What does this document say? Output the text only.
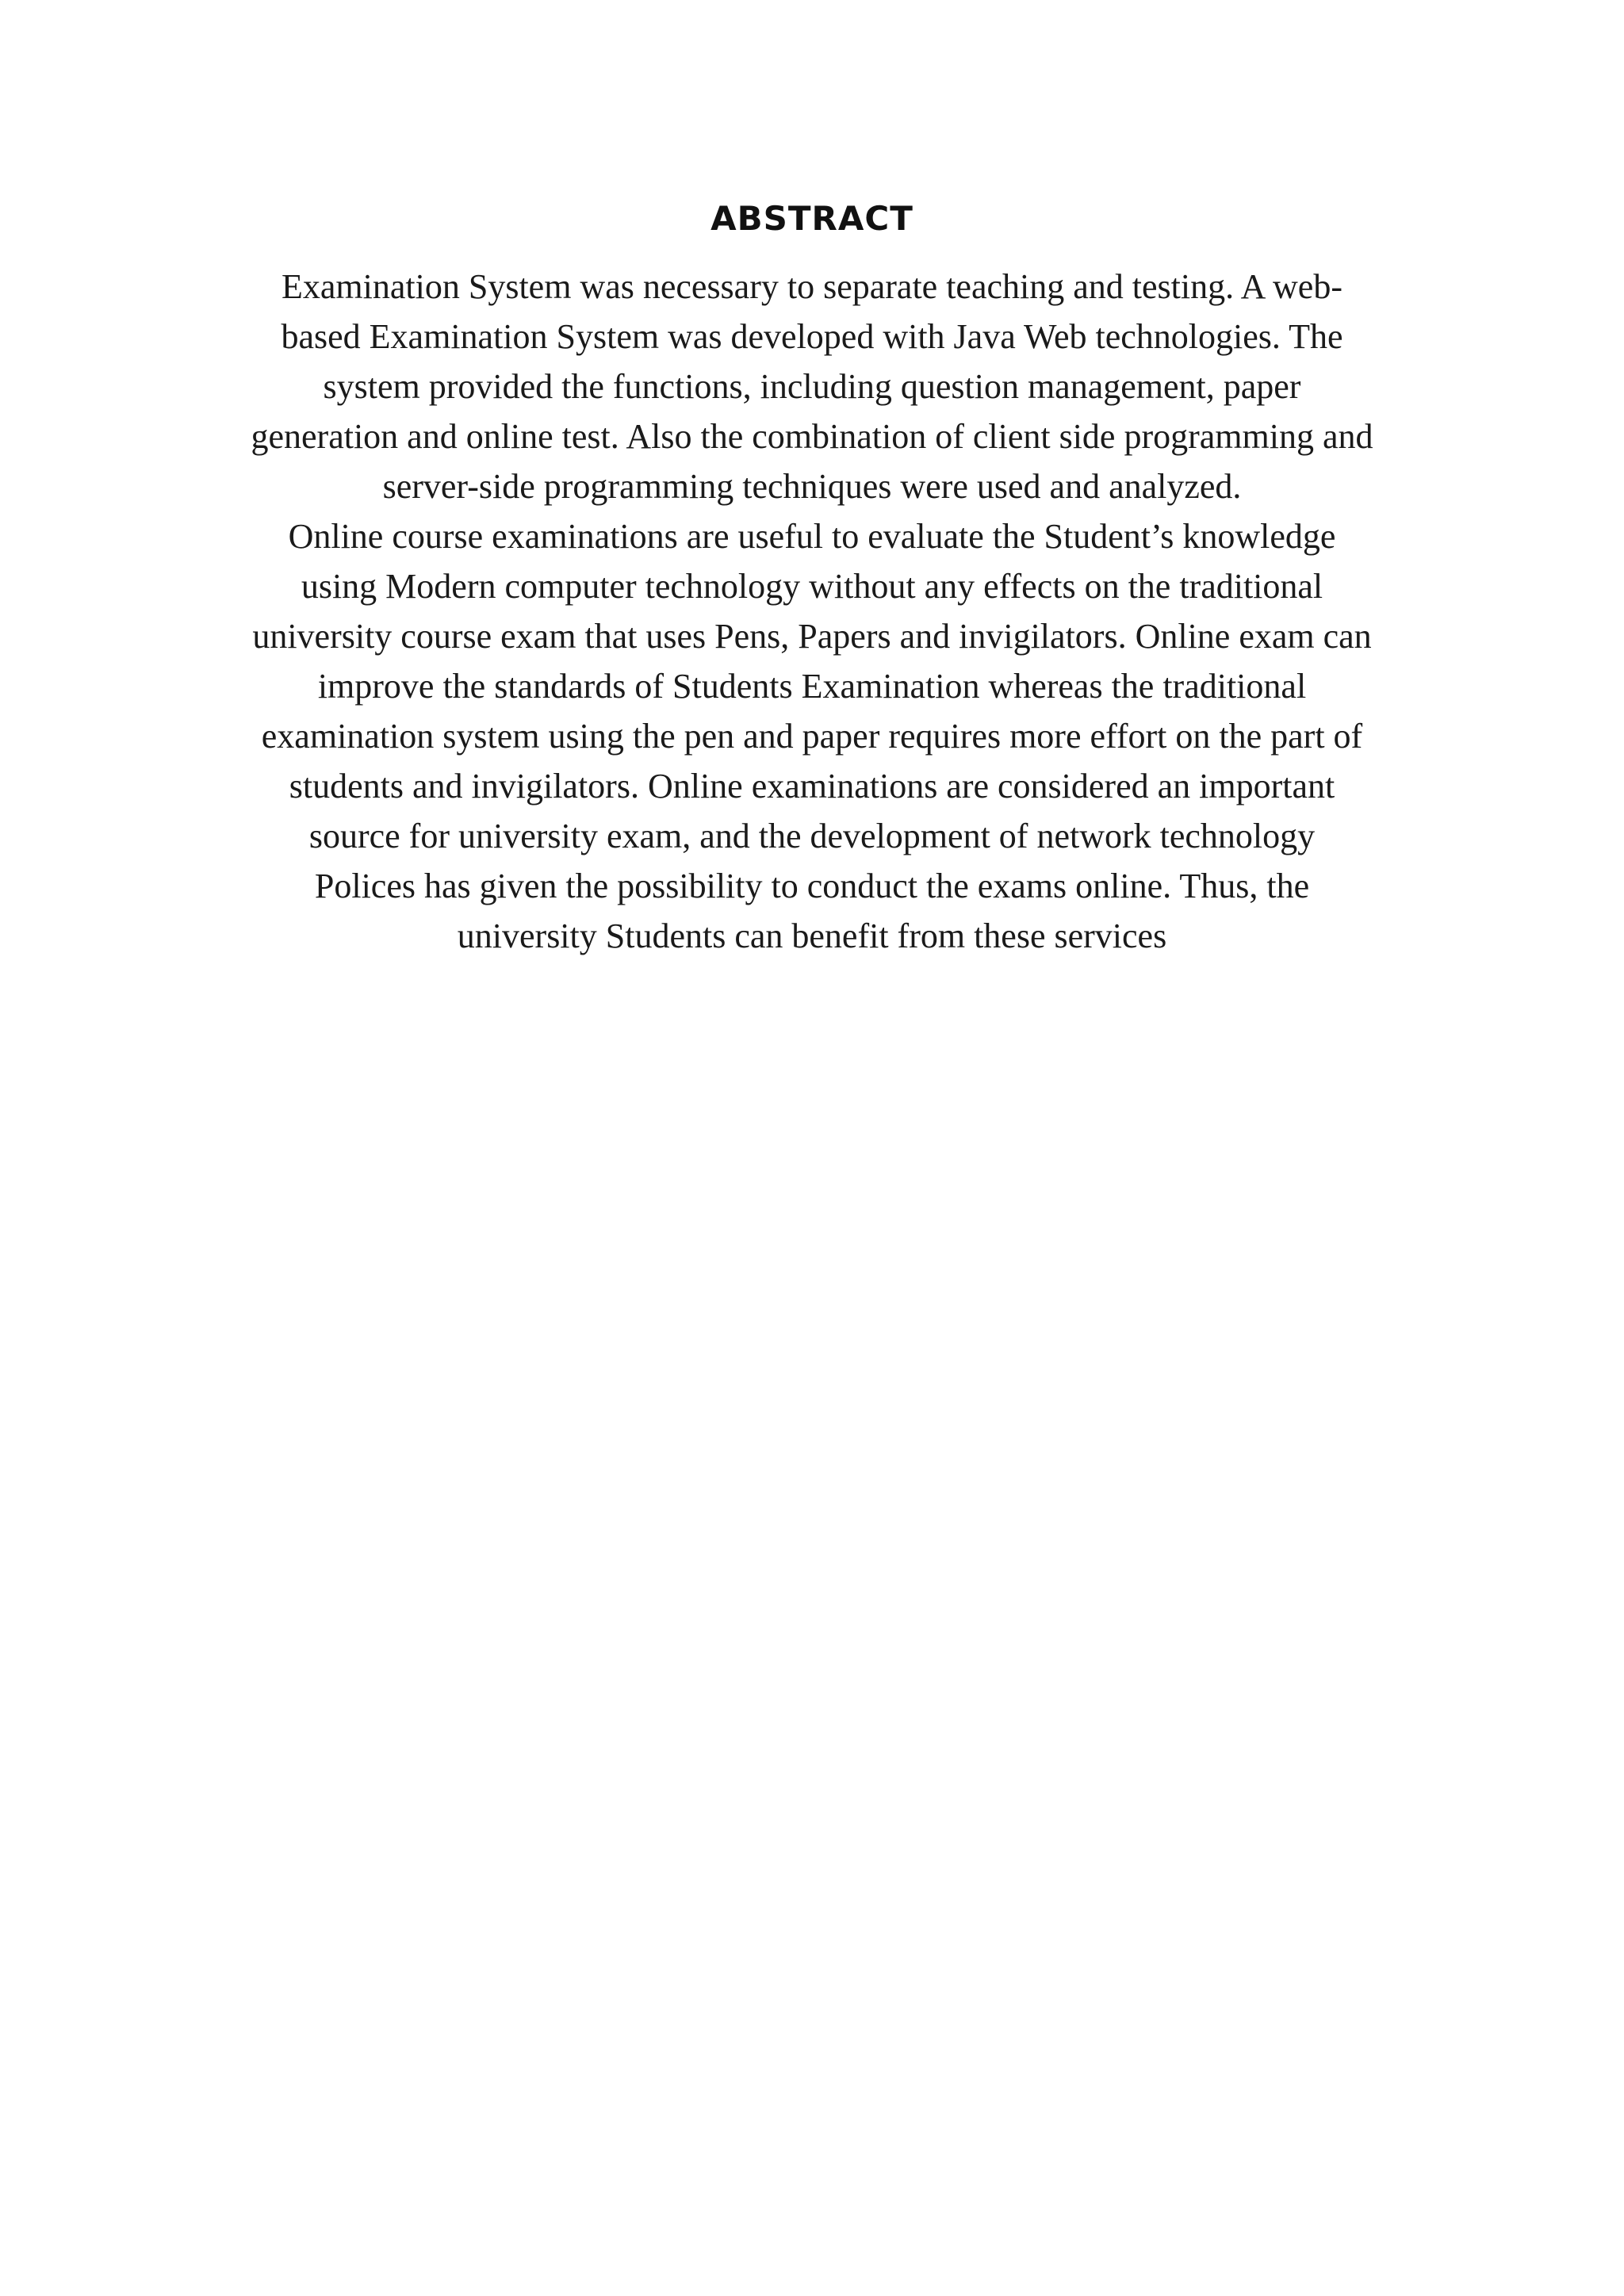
ABSTRACT
Examination System was necessary to separate teaching and testing. A web-
based Examination System was developed with Java Web technologies. The
system provided the functions, including question management, paper
generation and online test. Also the combination of client side programming and
server-side programming techniques were used and analyzed.
Online course examinations are useful to evaluate the Student’s knowledge
using Modern computer technology without any effects on the traditional
university course exam that uses Pens, Papers and invigilators. Online exam can
improve the standards of Students Examination whereas the traditional
examination system using the pen and paper requires more effort on the part of
students and invigilators. Online examinations are considered an important
source for university exam, and the development of network technology
Polices has given the possibility to conduct the exams online. Thus, the
university Students can benefit from these services
